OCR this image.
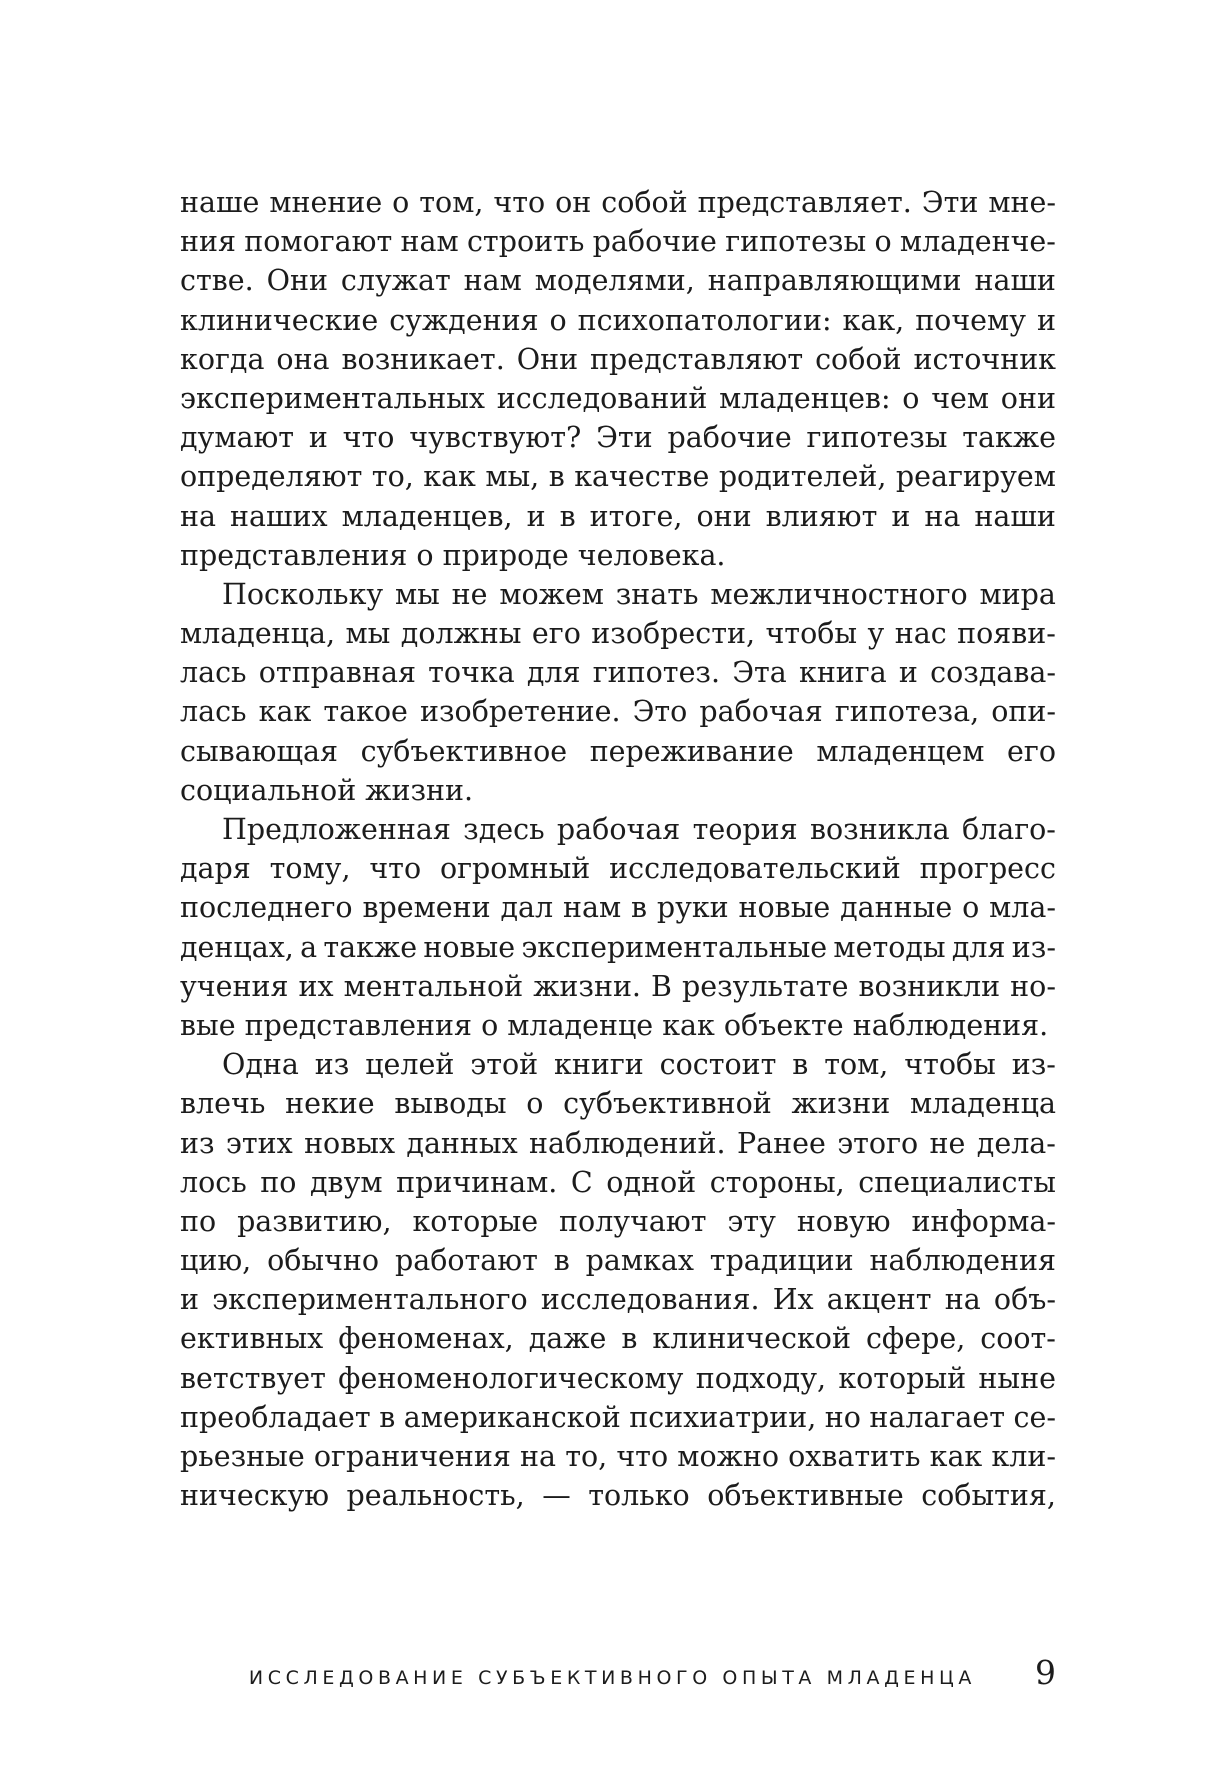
наше мнение о том, что он собой представляет. Эти мне-
ния помогают нам строить рабочие гипотезы о младенче-
стве. Они служат нам моделями, направляющими наши
клинические суждения о психопатологии: как, почему и
когда она возникает. Они представляют собой источник
экспериментальных исследований младенцев: о чем они
думают и что чувствуют? Эти рабочие гипотезы также
определяют то, как мы, в качестве родителей, реагируем
на наших младенцев, и в итоге, они влияют и на наши
представления о природе человека.
Поскольку мы не можем знать межличностного мира
младенца, мы должны его изобрести, чтобы у нас появи-
лась отправная точка для гипотез. Эта книга и создава-
лась как такое изобретение. Это рабочая гипотеза, опи-
сывающая субъективное переживание младенцем его
социальной жизни.
Предложенная здесь рабочая теория возникла благо-
даря тому, что огромный исследовательский прогресс
последнего времени дал нам в руки новые данные о мла-
денцах, а также новые экспериментальные методы для из-
учения их ментальной жизни. В результате возникли но-
вые представления о младенце как объекте наблюдения.
Одна из целей этой книги состоит в том, чтобы из-
влечь некие выводы о субъективной жизни младенца
из этих новых данных наблюдений. Ранее этого не дела-
лось по двум причинам. С одной стороны, специалисты
по развитию, которые получают эту новую информа-
цию, обычно работают в рамках традиции наблюдения
и экспериментального исследования. Их акцент на объ-
ективных феноменах, даже в клинической сфере, соот-
ветствует феноменологическому подходу, который ныне
преобладает в американской психиатрии, но налагает се-
рьезные ограничения на то, что можно охватить как кли-
ническую реальность, — только объективные события,
ИССЛЕДОВАНИЕ СУБЪЕКТИВНОГО ОПЫТА МЛАДЕНЦА 9
